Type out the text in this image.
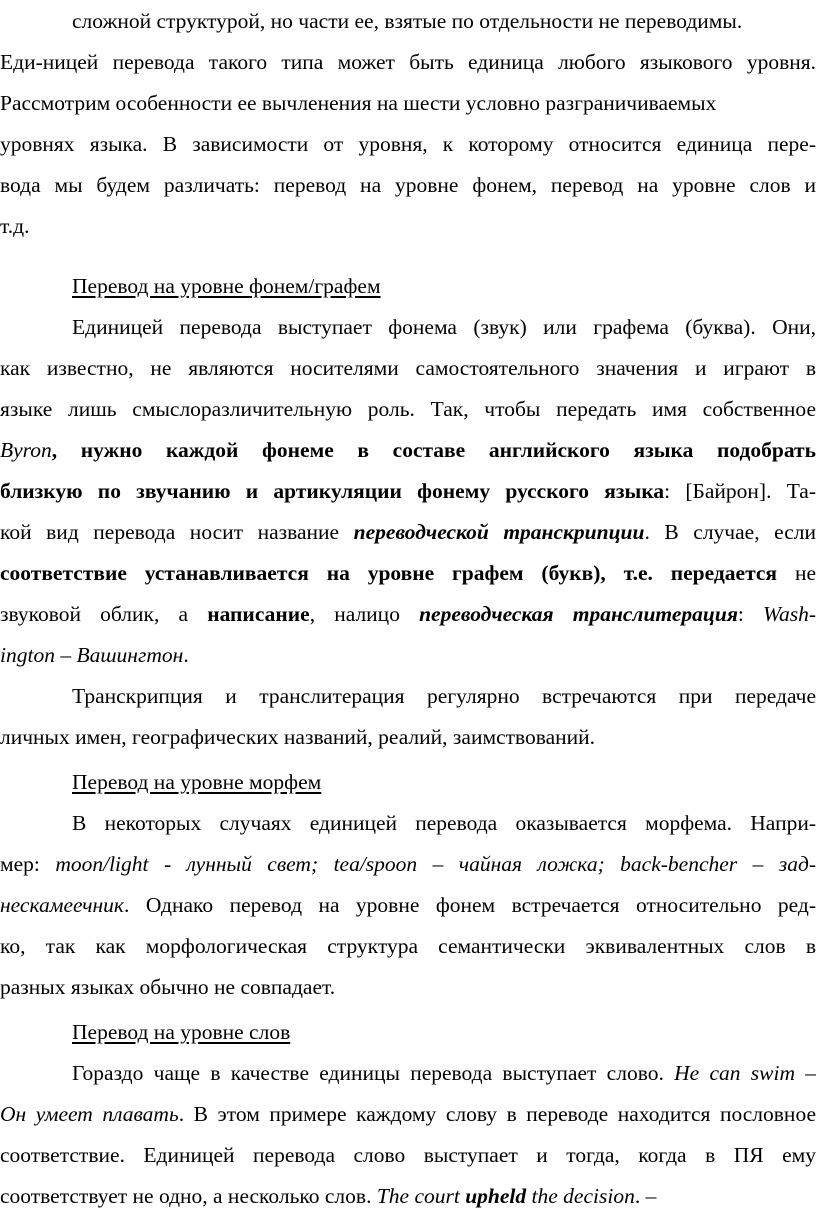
сложной структурой, но части ее, взятые по отдельности не переводимы.
Еди-ницей перевода такого типа может быть единица любого языкового уровня.
Рассмотрим особенности ее вычленения на шести условно разграничиваемых
уровнях языка. В зависимости от уровня, к которому относится единица пере-
вода мы будем различать: перевод на уровне фонем, перевод на уровне слов и
т.д.
Перевод на уровне фонем/графем
Единицей перевода выступает фонема (звук) или графема (буква). Они,
как известно, не являются носителями самостоятельного значения и играют в
языке лишь смыслоразличительную роль. Так, чтобы передать имя собственное
Byron, нужно каждой фонеме в составе английского языка подобрать
близкую по звучанию и артикуляции фонему русского языка: [Байрон]. Та-
кой вид перевода носит название переводческой транскрипции. В случае, если
соответствие устанавливается на уровне графем (букв), т.е. передается не
звуковой облик, а написание, налицо переводческая транслитерация: Wash-
ington – Вашингтон.
Транскрипция и транслитерация регулярно встречаются при передаче
личных имен, географических названий, реалий, заимствований.
Перевод на уровне морфем
В некоторых случаях единицей перевода оказывается морфема. Напри-
мер: moon/light - лунный свет; tea/spoon – чайная ложка; back-bencher – зад-
нескамеечник. Однако перевод на уровне фонем встречается относительно ред-
ко, так как морфологическая структура семантически эквивалентных слов в
разных языках обычно не совпадает.
Перевод на уровне слов
Гораздо чаще в качестве единицы перевода выступает слово. He can swim –
Он умеет плавать. В этом примере каждому слову в переводе находится пословное
соответствие. Единицей перевода слово выступает и тогда, когда в ПЯ ему
соответствует не одно, а несколько слов. The court upheld the decision. –
